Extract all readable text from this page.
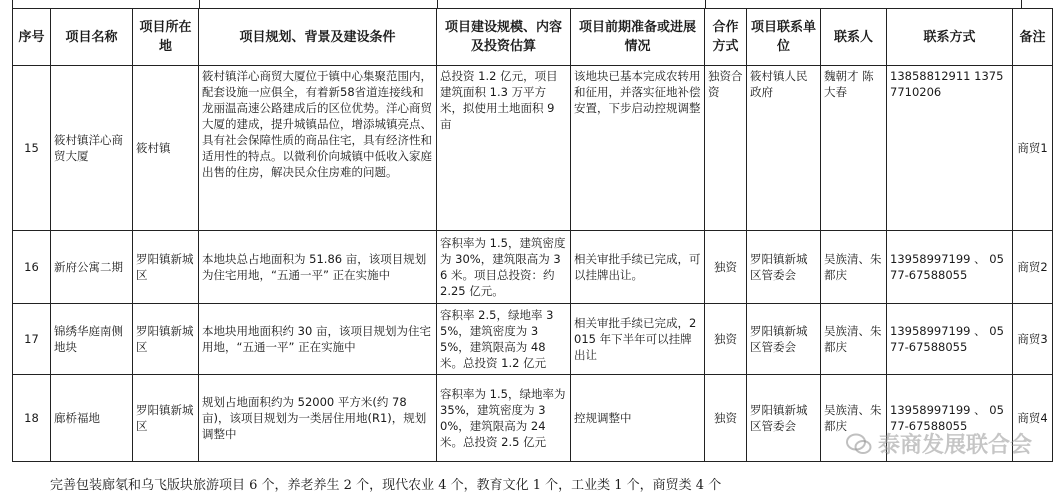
序号	项目名称	项目所在地	项目规划、背景及建设条件	项目建设规模、内容及投资估算	项目前期准备或进展情况	合作方式	项目联系单位	联系人	联系方式	备注
15	筱村镇洋心商贸大厦	筱村镇	筱村镇洋心商贸大厦位于镇中心集聚范围内，配套设施一应俱全，有着新58省道连接线和龙丽温高速公路建成后的区位优势。洋心商贸大厦的建成，提升城镇品位，增添城镇亮点、具有社会保障性质的商品住宅，具有经济性和适用性的特点。以微利价向城镇中低收入家庭出售的住房，解决民众住房难的问题。	总投资 1.2 亿元，项目建筑面积 1.3 万平方米，拟使用土地面积 9 亩	该地块已基本完成农转用和征用，并落实征地补偿安置，下步启动控规调整	独资合资	筱村镇人民政府	魏朝才 陈大春	13858812911 13757710206	商贸1
16	新府公寓二期	罗阳镇新城区	本地块总占地面积为 51.86 亩，该项目规划为住宅用地，“五通一平” 正在实施中	容积率为 1.5，建筑密度为 30%，建筑限高为 36 米。项目总投资：约 2.25 亿元。	相关审批手续已完成，可以挂牌出让。	独资	罗阳镇新城区管委会	吴族清、朱都庆	13958997199 、 0577-67588055	商贸2
17	锦绣华庭南侧地块	罗阳镇新城区	本地块用地面积约 30 亩，该项目规划为住宅用地，“五通一平” 正在实施中	容积率 2.5，绿地率 35%，建筑密度为 35%，建筑限高为 48 米。总投资 1.2 亿元	相关审批手续已完成，2015 年下半年可以挂牌出让	独资	罗阳镇新城区管委会	吴族清、朱都庆	13958997199 、 0577-67588055	商贸3
18	廊桥福地	罗阳镇新城区	规划占地面积约为 52000 平方米(约 78 亩)，该项目规划为一类居住用地(R1)，规划调整中	容积率为 1.5，绿地率为 35%，建筑密度为 30%，建筑限高为 24 米。总投资 2.5 亿元	控规调整中	独资	罗阳镇新城区管委会	吴族清、朱都庆	13958997199 、 0577-67588055	商贸4
泰商发展联合会
完善包装廊氡和乌飞版块旅游项目 6 个，养老养生 2 个，现代农业 4 个，教育文化 1 个，工业类 1 个，商贸类 4 个
